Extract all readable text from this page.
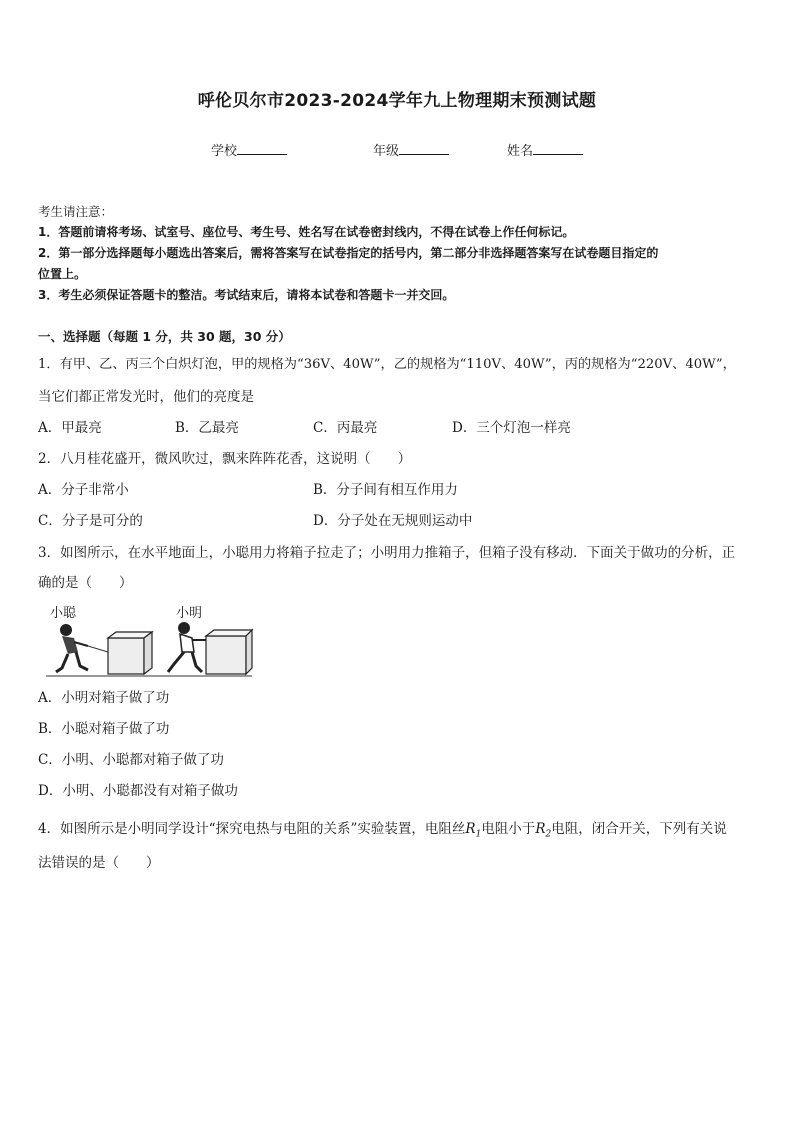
呼伦贝尔市2023-2024学年九上物理期末预测试题
学校	年级	姓名
考生请注意：
1．答题前请将考场、试室号、座位号、考生号、姓名写在试卷密封线内，不得在试卷上作任何标记。
2．第一部分选择题每小题选出答案后，需将答案写在试卷指定的括号内，第二部分非选择题答案写在试卷题目指定的
位置上。
3．考生必须保证答题卡的整洁。考试结束后，请将本试卷和答题卡一并交回。
一、选择题（每题 1 分，共 30 题，30 分）
1．有甲、乙、丙三个白炽灯泡，甲的规格为“36V、40W”，乙的规格为“110V、40W”，丙的规格为“220V、40W”，
当它们都正常发光时，他们的亮度是
A．甲最亮	B．乙最亮	C．丙最亮	D．三个灯泡一样亮
2．八月桂花盛开，微风吹过，飘来阵阵花香，这说明（　　）
A．分子非常小	B．分子间有相互作用力
C．分子是可分的	D．分子处在无规则运动中
3．如图所示，在水平地面上，小聪用力将箱子拉走了；小明用力推箱子，但箱子没有移动．下面关于做功的分析，正
确的是（　　）
小聪	小明
A．小明对箱子做了功
B．小聪对箱子做了功
C．小明、小聪都对箱子做了功
D．小明、小聪都没有对箱子做功
4．如图所示是小明同学设计“探究电热与电阻的关系”实验装置，电阻丝$R_1$电阻小于$R_2$电阻，闭合开关，下列有关说
法错误的是（　　）
